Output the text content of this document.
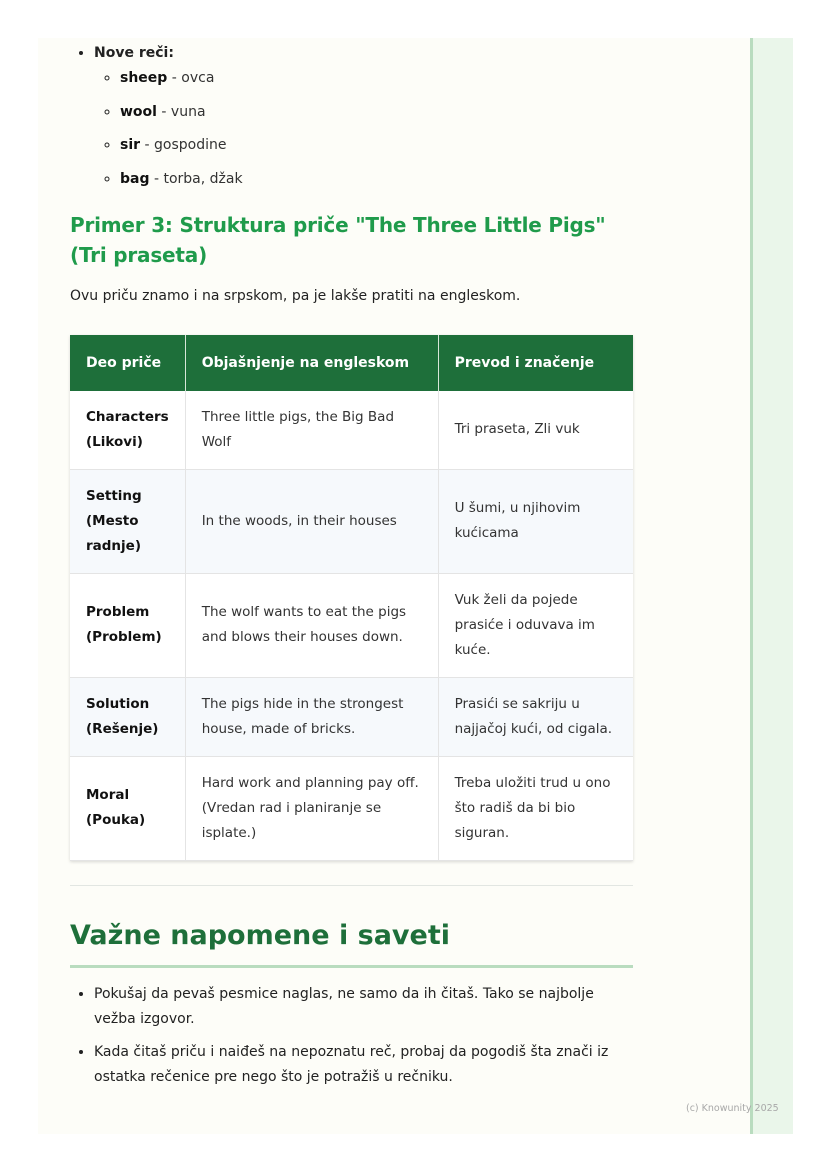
• Nove reči:
◦ sheep - ovca
◦ wool - vuna
◦ sir - gospodine
◦ bag - torba, džak
Primer 3: Struktura priče "The Three Little Pigs" (Tri praseta)

Ovu priču znamo i na srpskom, pa je lakše pratiti na engleskom.

Deo priče	Objašnjenje na engleskom	Prevod i značenje
Characters (Likovi)	Three little pigs, the Big Bad Wolf	Tri praseta, Zli vuk
Setting (Mesto radnje)	In the woods, in their houses	U šumi, u njihovim kućicama
Problem (Problem)	The wolf wants to eat the pigs and blows their houses down.	Vuk želi da pojede prasiće i oduvava im kuće.
Solution (Rešenje)	The pigs hide in the strongest house, made of bricks.	Prasići se sakriju u najjačoj kući, od cigala.
Moral (Pouka)	Hard work and planning pay off. (Vredan rad i planiranje se isplate.)	Treba uložiti trud u ono što radiš da bi bio siguran.
Važne napomene i saveti
• Pokušaj da pevaš pesmice naglas, ne samo da ih čitaš. Tako se najbolje vežba izgovor.
• Kada čitaš priču i naiđeš na nepoznatu reč, probaj da pogodiš šta znači iz ostatka rečenice pre nego što je potražiš u rečniku.
(c) Knowunity 2025
